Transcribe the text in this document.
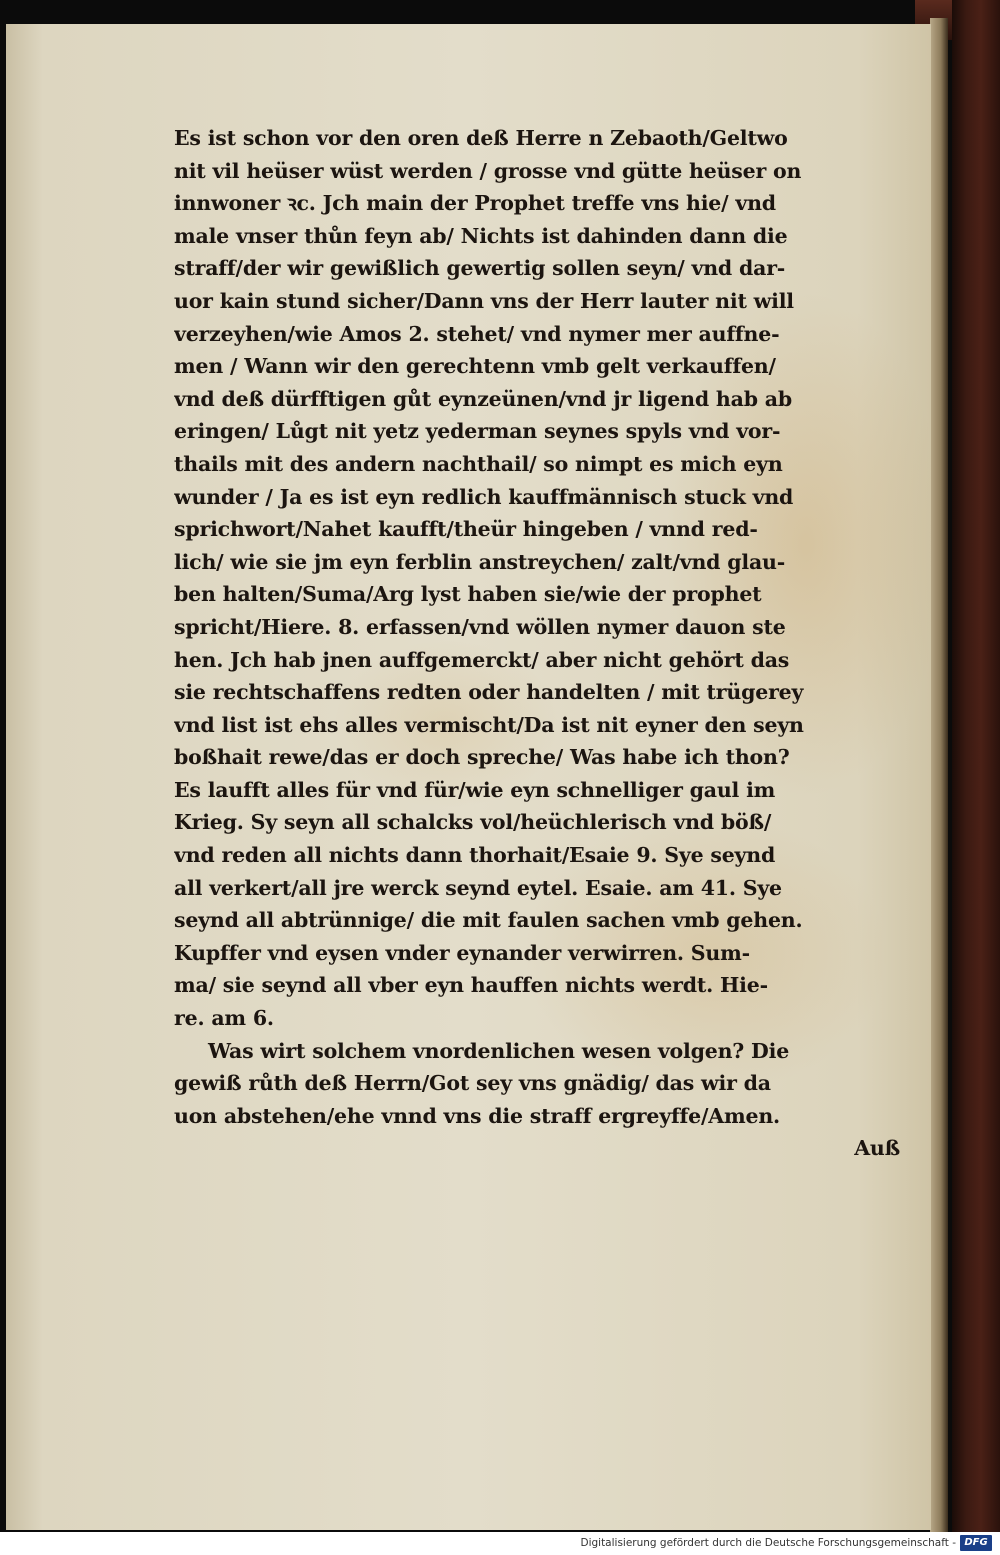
Es ist schon vor den oren deß Herre n Zebaoth/Geltwo
nit vil heüser wüst werden / grosse vnd gütte heüser on
innwoner ꝛc. Jch main der Prophet treffe vns hie/ vnd
male vnser thůn feyn ab/ Nichts ist dahinden dann die
straff/der wir gewißlich gewertig sollen seyn/ vnd dar-
uor kain stund sicher/Dann vns der Herr lauter nit will
verzeyhen/wie Amos 2. stehet/ vnd nymer mer auffne-
men / Wann wir den gerechtenn vmb gelt verkauffen/
vnd deß dürfftigen gůt eynzeünen/vnd jr ligend hab ab
eringen/ Lůgt nit yetz yederman seynes spyls vnd vor-
thails mit des andern nachthail/ so nimpt es mich eyn
wunder / Ja es ist eyn redlich kauffmännisch stuck vnd
sprichwort/Nahet kaufft/theür hingeben / vnnd red-
lich/ wie sie jm eyn ferblin anstreychen/ zalt/vnd glau-
ben halten/Suma/Arg lyst haben sie/wie der prophet
spricht/Hiere. 8. erfassen/vnd wöllen nymer dauon ste
hen. Jch hab jnen auffgemerckt/ aber nicht gehört das
sie rechtschaffens redten oder handelten / mit trügerey
vnd list ist ehs alles vermischt/Da ist nit eyner den seyn
boßhait rewe/das er doch spreche/ Was habe ich thon?
Es laufft alles für vnd für/wie eyn schnelliger gaul im
Krieg. Sy seyn all schalcks vol/heüchlerisch vnd böß/
vnd reden all nichts dann thorhait/Esaie 9. Sye seynd
all verkert/all jre werck seynd eytel. Esaie. am 41. Sye
seynd all abtrünnige/ die mit faulen sachen vmb gehen.
Kupffer vnd eysen vnder eynander verwirren. Sum-
ma/ sie seynd all vber eyn hauffen nichts werdt. Hie-
re. am 6.
Was wirt solchem vnordenlichen wesen volgen? Die
gewiß růth deß Herrn/Got sey vns gnädig/ das wir da
uon abstehen/ehe vnnd vns die straff ergreyffe/Amen.
Auß
Digitalisierung gefördert durch die Deutsche Forschungsgemeinschaft - DFG
